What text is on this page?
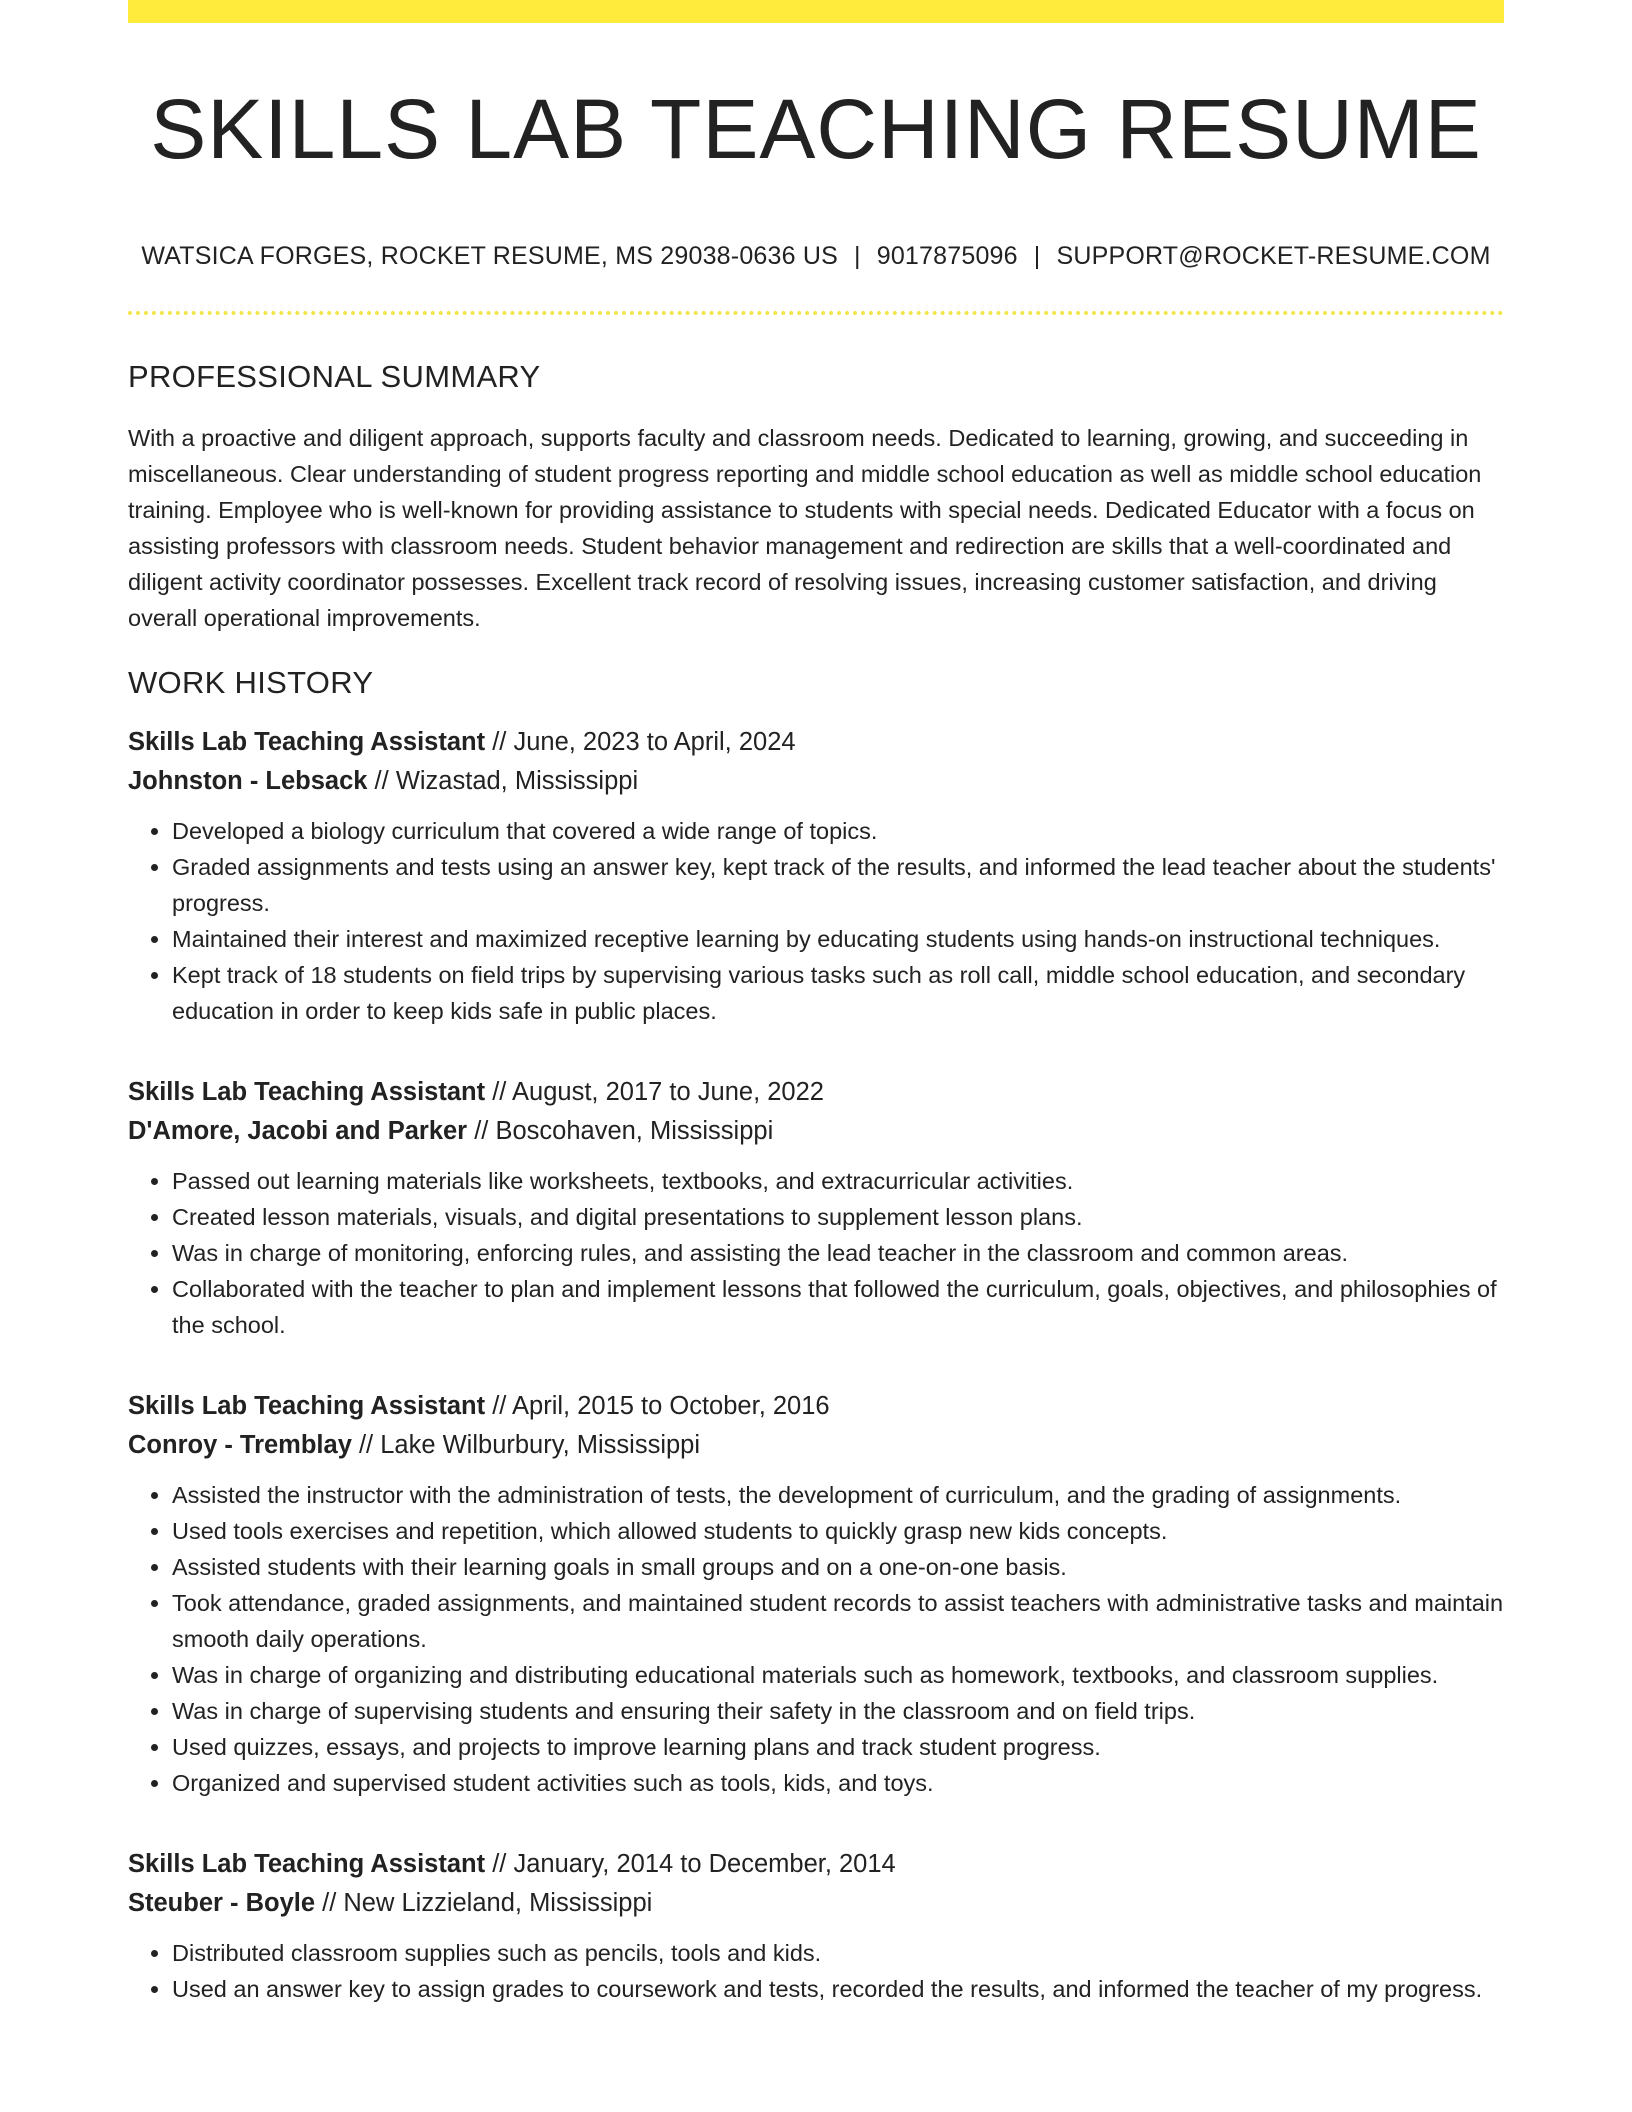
SKILLS LAB TEACHING RESUME
WATSICA FORGES, ROCKET RESUME, MS 29038-0636 US | 9017875096 | SUPPORT@ROCKET-RESUME.COM
PROFESSIONAL SUMMARY

With a proactive and diligent approach, supports faculty and classroom needs. Dedicated to learning, growing, and succeeding in miscellaneous. Clear understanding of student progress reporting and middle school education as well as middle school education training. Employee who is well-known for providing assistance to students with special needs. Dedicated Educator with a focus on assisting professors with classroom needs. Student behavior management and redirection are skills that a well-coordinated and diligent activity coordinator possesses. Excellent track record of resolving issues, increasing customer satisfaction, and driving overall operational improvements.

WORK HISTORY
Skills Lab Teaching Assistant // June, 2023 to April, 2024
Johnston - Lebsack // Wizastad, Mississippi
• Developed a biology curriculum that covered a wide range of topics.
• Graded assignments and tests using an answer key, kept track of the results, and informed the lead teacher about the students' progress.
• Maintained their interest and maximized receptive learning by educating students using hands-on instructional techniques.
• Kept track of 18 students on field trips by supervising various tasks such as roll call, middle school education, and secondary education in order to keep kids safe in public places.
Skills Lab Teaching Assistant // August, 2017 to June, 2022
D'Amore, Jacobi and Parker // Boscohaven, Mississippi
• Passed out learning materials like worksheets, textbooks, and extracurricular activities.
• Created lesson materials, visuals, and digital presentations to supplement lesson plans.
• Was in charge of monitoring, enforcing rules, and assisting the lead teacher in the classroom and common areas.
• Collaborated with the teacher to plan and implement lessons that followed the curriculum, goals, objectives, and philosophies of the school.
Skills Lab Teaching Assistant // April, 2015 to October, 2016
Conroy - Tremblay // Lake Wilburbury, Mississippi
• Assisted the instructor with the administration of tests, the development of curriculum, and the grading of assignments.
• Used tools exercises and repetition, which allowed students to quickly grasp new kids concepts.
• Assisted students with their learning goals in small groups and on a one-on-one basis.
• Took attendance, graded assignments, and maintained student records to assist teachers with administrative tasks and maintain smooth daily operations.
• Was in charge of organizing and distributing educational materials such as homework, textbooks, and classroom supplies.
• Was in charge of supervising students and ensuring their safety in the classroom and on field trips.
• Used quizzes, essays, and projects to improve learning plans and track student progress.
• Organized and supervised student activities such as tools, kids, and toys.
Skills Lab Teaching Assistant // January, 2014 to December, 2014
Steuber - Boyle // New Lizzieland, Mississippi
• Distributed classroom supplies such as pencils, tools and kids.
• Used an answer key to assign grades to coursework and tests, recorded the results, and informed the teacher of my progress.
